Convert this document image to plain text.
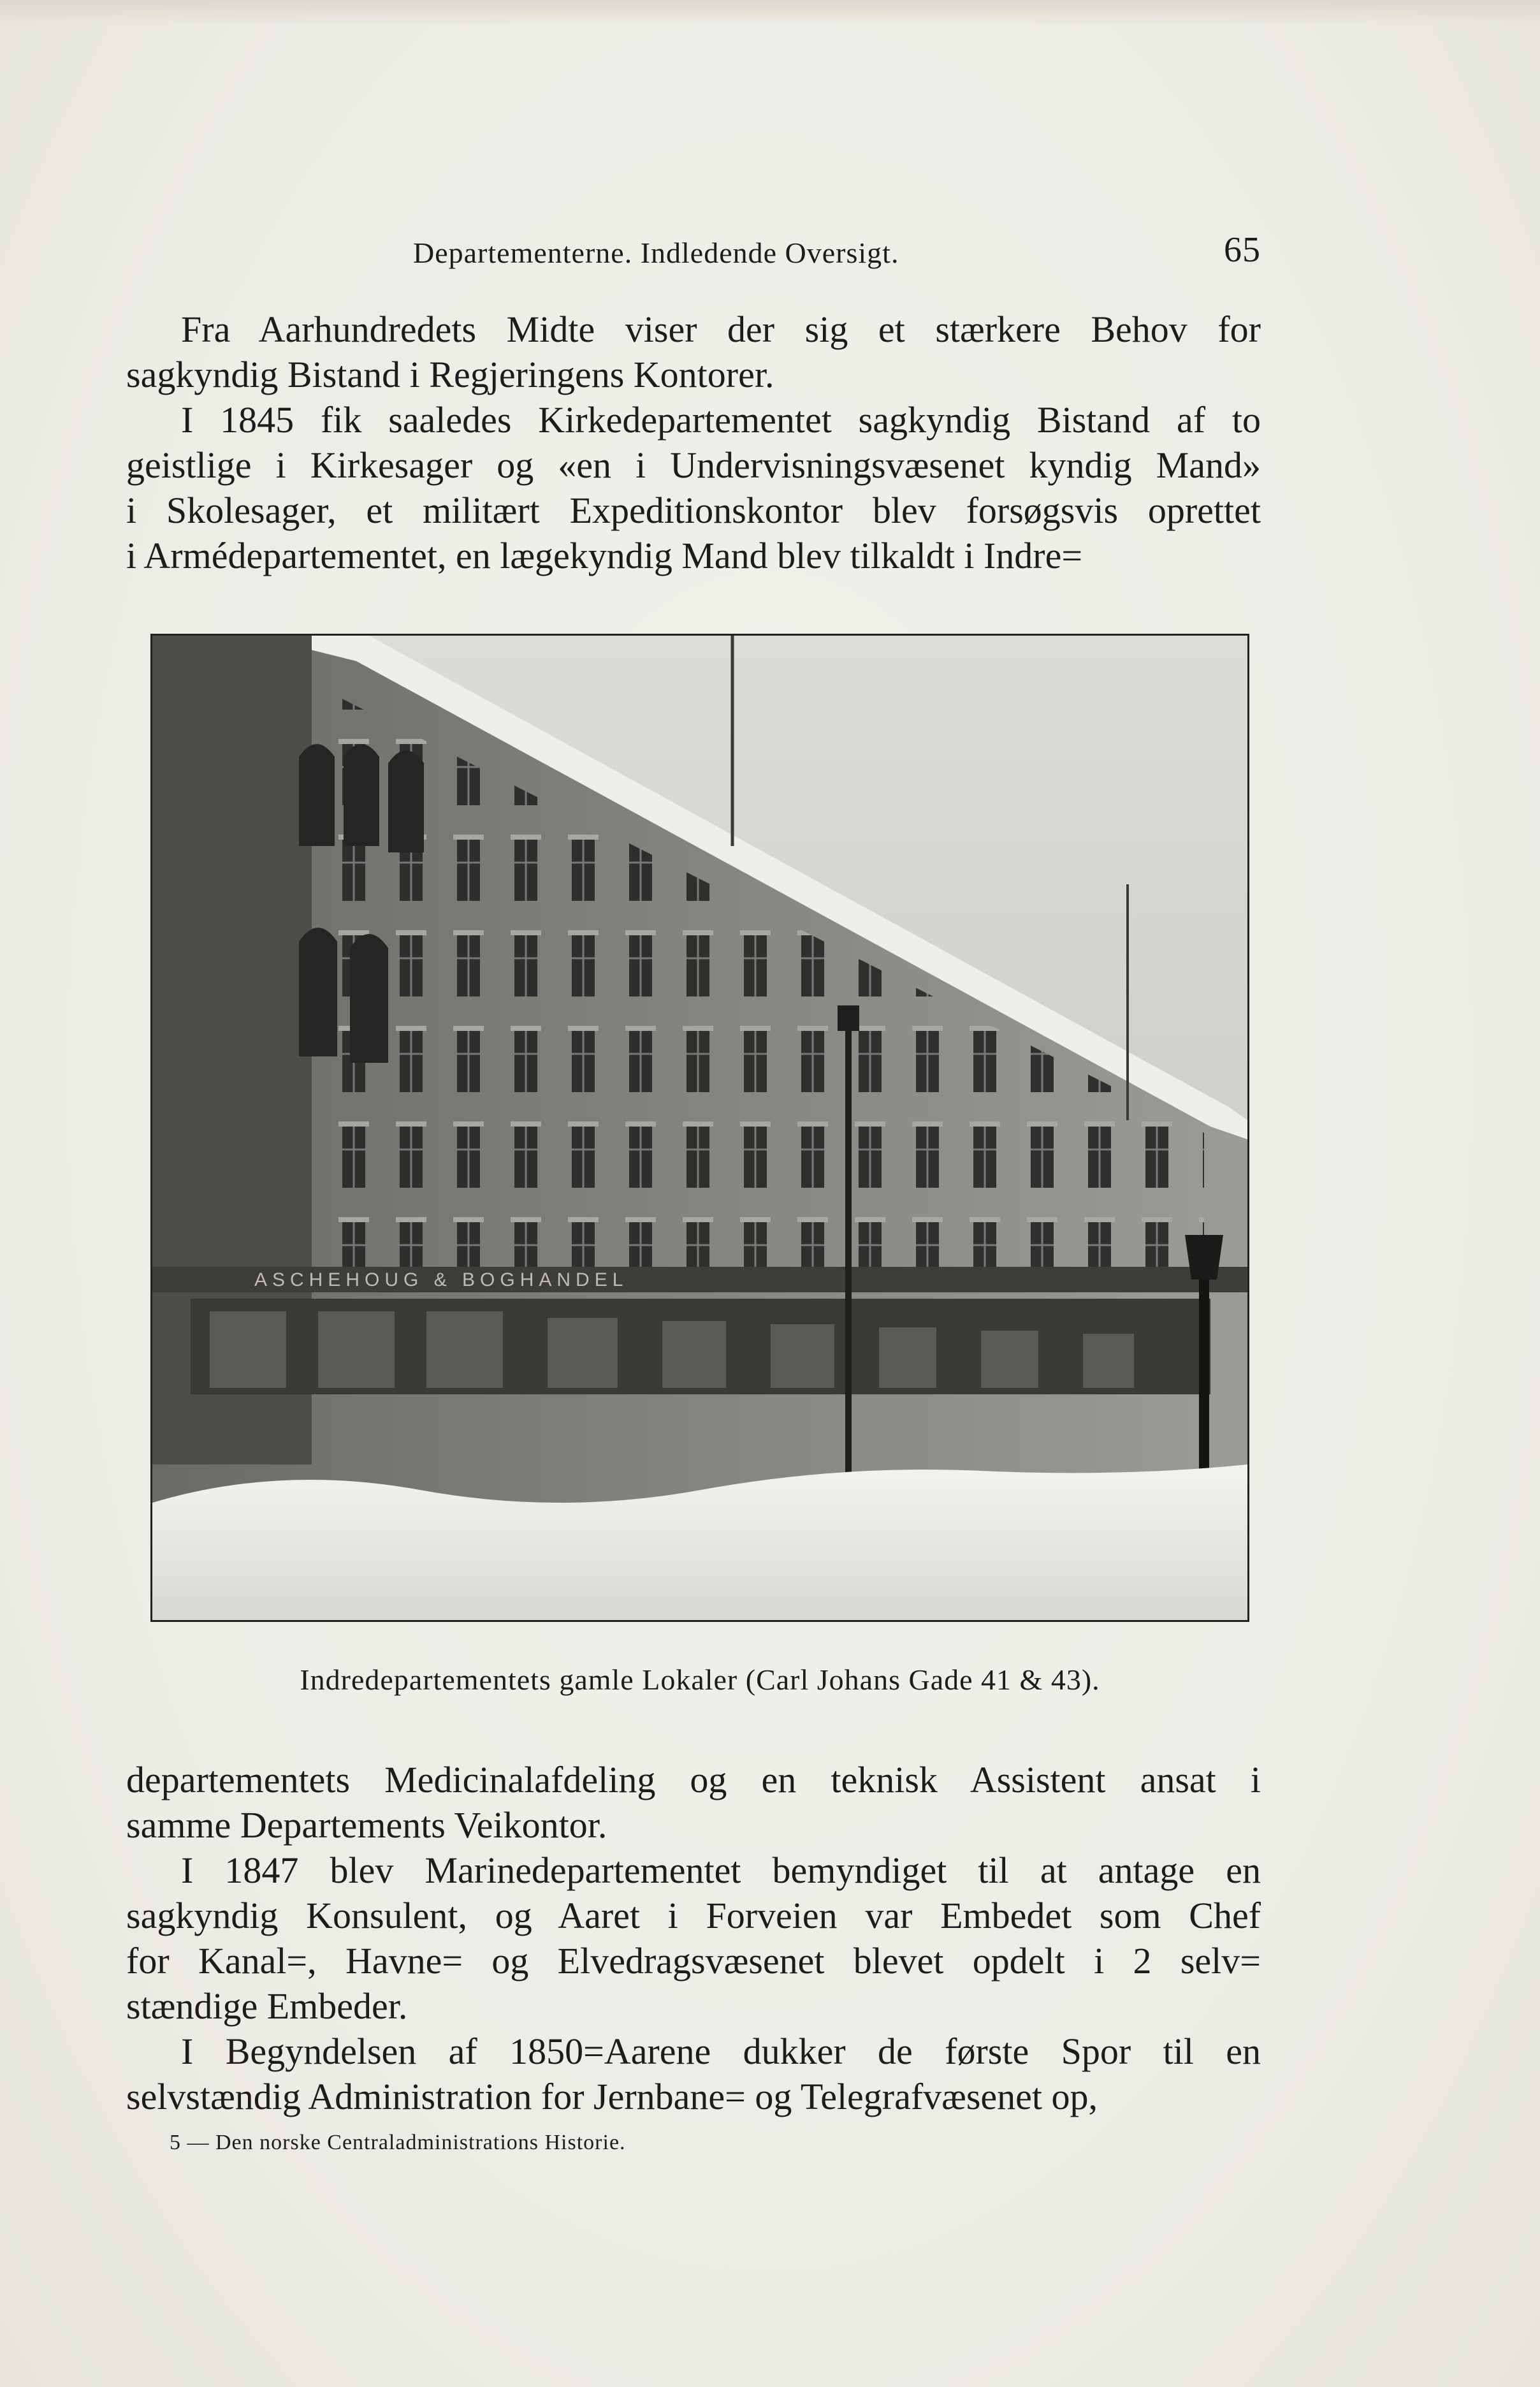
Departementerne. Indledende Oversigt.	65

Fra Aarhundredets Midte viser der sig et stærkere Behov for
sagkyndig Bistand i Regjeringens Kontorer.

I 1845 fik saaledes Kirkedepartementet sagkyndig Bistand af to
geistlige i Kirkesager og «en i Undervisningsvæsenet kyndig Mand»
i Skolesager, et militært Expeditionskontor blev forsøgsvis oprettet
i Armédepartementet, en lægekyndig Mand blev tilkaldt i Indre=

ASCHEHOUG & BOGHANDEL
Indredepartementets gamle Lokaler (Carl Johans Gade 41 & 43).

departementets Medicinalafdeling og en teknisk Assistent ansat i
samme Departements Veikontor.

I 1847 blev Marinedepartementet bemyndiget til at antage en
sagkyndig Konsulent, og Aaret i Forveien var Embedet som Chef
for Kanal=, Havne= og Elvedragsvæsenet blevet opdelt i 2 selv=
stændige Embeder.

I Begyndelsen af 1850=Aarene dukker de første Spor til en
selvstændig Administration for Jernbane= og Telegrafvæsenet op,

5 — Den norske Centraladministrations Historie.
